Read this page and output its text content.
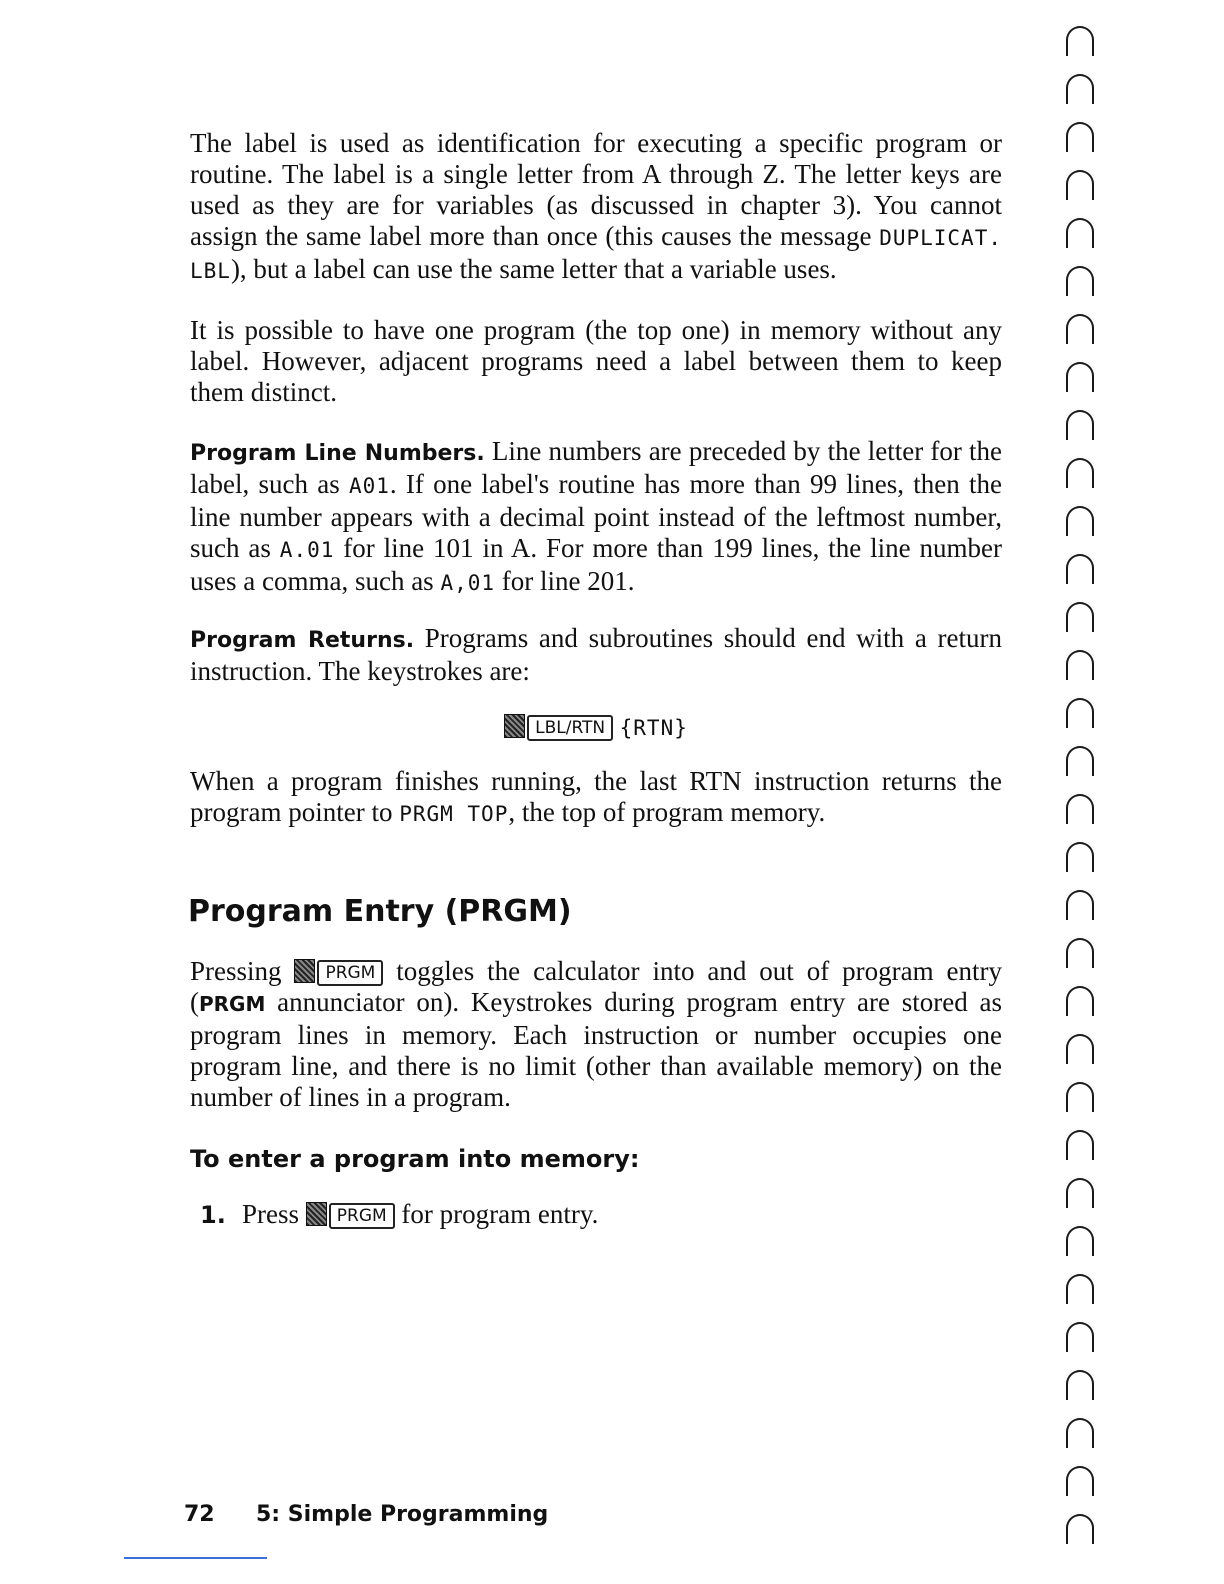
The label is used as identification for executing a specific program or routine. The label is a single letter from A through Z. The letter keys are used as they are for variables (as discussed in chapter 3). You cannot assign the same label more than once (this causes the message DUPLICAT. LBL), but a label can use the same letter that a variable uses.

It is possible to have one program (the top one) in memory without any label. However, adjacent programs need a label between them to keep them distinct.

Program Line Numbers. Line numbers are preceded by the letter for the label, such as A01. If one label's routine has more than 99 lines, then the line number appears with a decimal point instead of the leftmost number, such as A.01 for line 101 in A. For more than 199 lines, the line number uses a comma, such as A,01 for line 201.

Program Returns. Programs and subroutines should end with a return instruction. The keystrokes are:

LBL/RTN {RTN}

When a program finishes running, the last RTN instruction returns the program pointer to PRGM TOP, the top of program memory.

Program Entry (PRGM)

Pressing PRGM toggles the calculator into and out of program entry (PRGM annunciator on). Keystrokes during program entry are stored as program lines in memory. Each instruction or number occupies one program line, and there is no limit (other than available memory) on the number of lines in a program.

To enter a program into memory:
1. Press PRGM for program entry.
72 5: Simple Programming
